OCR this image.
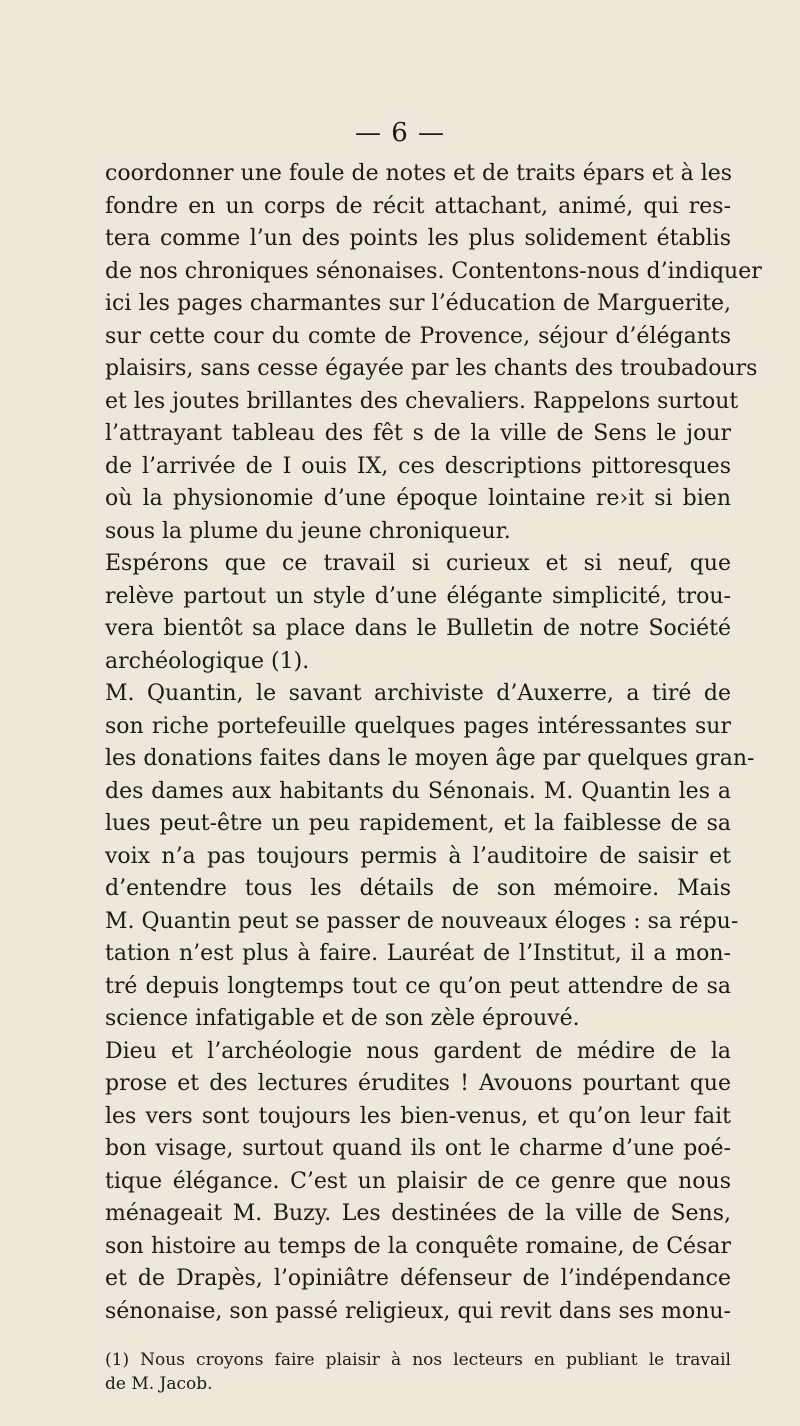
— 6 —
coordonner une foule de notes et de traits épars et à les
fondre en un corps de récit attachant, animé, qui res-
tera comme l’un des points les plus solidement établis
de nos chroniques sénonaises. Contentons-nous d’indiquer
ici les pages charmantes sur l’éducation de Marguerite,
sur cette cour du comte de Provence, séjour d’élégants
plaisirs, sans cesse égayée par les chants des troubadours
et les joutes brillantes des chevaliers. Rappelons surtout
l’attrayant tableau des fêt s de la ville de Sens le jour
de l’arrivée de I ouis IX, ces descriptions pittoresques
où la physionomie d’une époque lointaine re›it si bien
sous la plume du jeune chroniqueur.
Espérons que ce travail si curieux et si neuf, que
relève partout un style d’une élégante simplicité, trou-
vera bientôt sa place dans le Bulletin de notre Société
archéologique (1).
M. Quantin, le savant archiviste d’Auxerre, a tiré de
son riche portefeuille quelques pages intéressantes sur
les donations faites dans le moyen âge par quelques gran-
des dames aux habitants du Sénonais. M. Quantin les a
lues peut-être un peu rapidement, et la faiblesse de sa
voix n’a pas toujours permis à l’auditoire de saisir et
d’entendre tous les détails de son mémoire. Mais
M. Quantin peut se passer de nouveaux éloges : sa répu-
tation n’est plus à faire. Lauréat de l’Institut, il a mon-
tré depuis longtemps tout ce qu’on peut attendre de sa
science infatigable et de son zèle éprouvé.
Dieu et l’archéologie nous gardent de médire de la
prose et des lectures érudites ! Avouons pourtant que
les vers sont toujours les bien-venus, et qu’on leur fait
bon visage, surtout quand ils ont le charme d’une poé-
tique élégance. C’est un plaisir de ce genre que nous
ménageait M. Buzy. Les destinées de la ville de Sens,
son histoire au temps de la conquête romaine, de César
et de Drapès, l’opiniâtre défenseur de l’indépendance
sénonaise, son passé religieux, qui revit dans ses monu-
(1) Nous croyons faire plaisir à nos lecteurs en publiant le travail
de M. Jacob.
